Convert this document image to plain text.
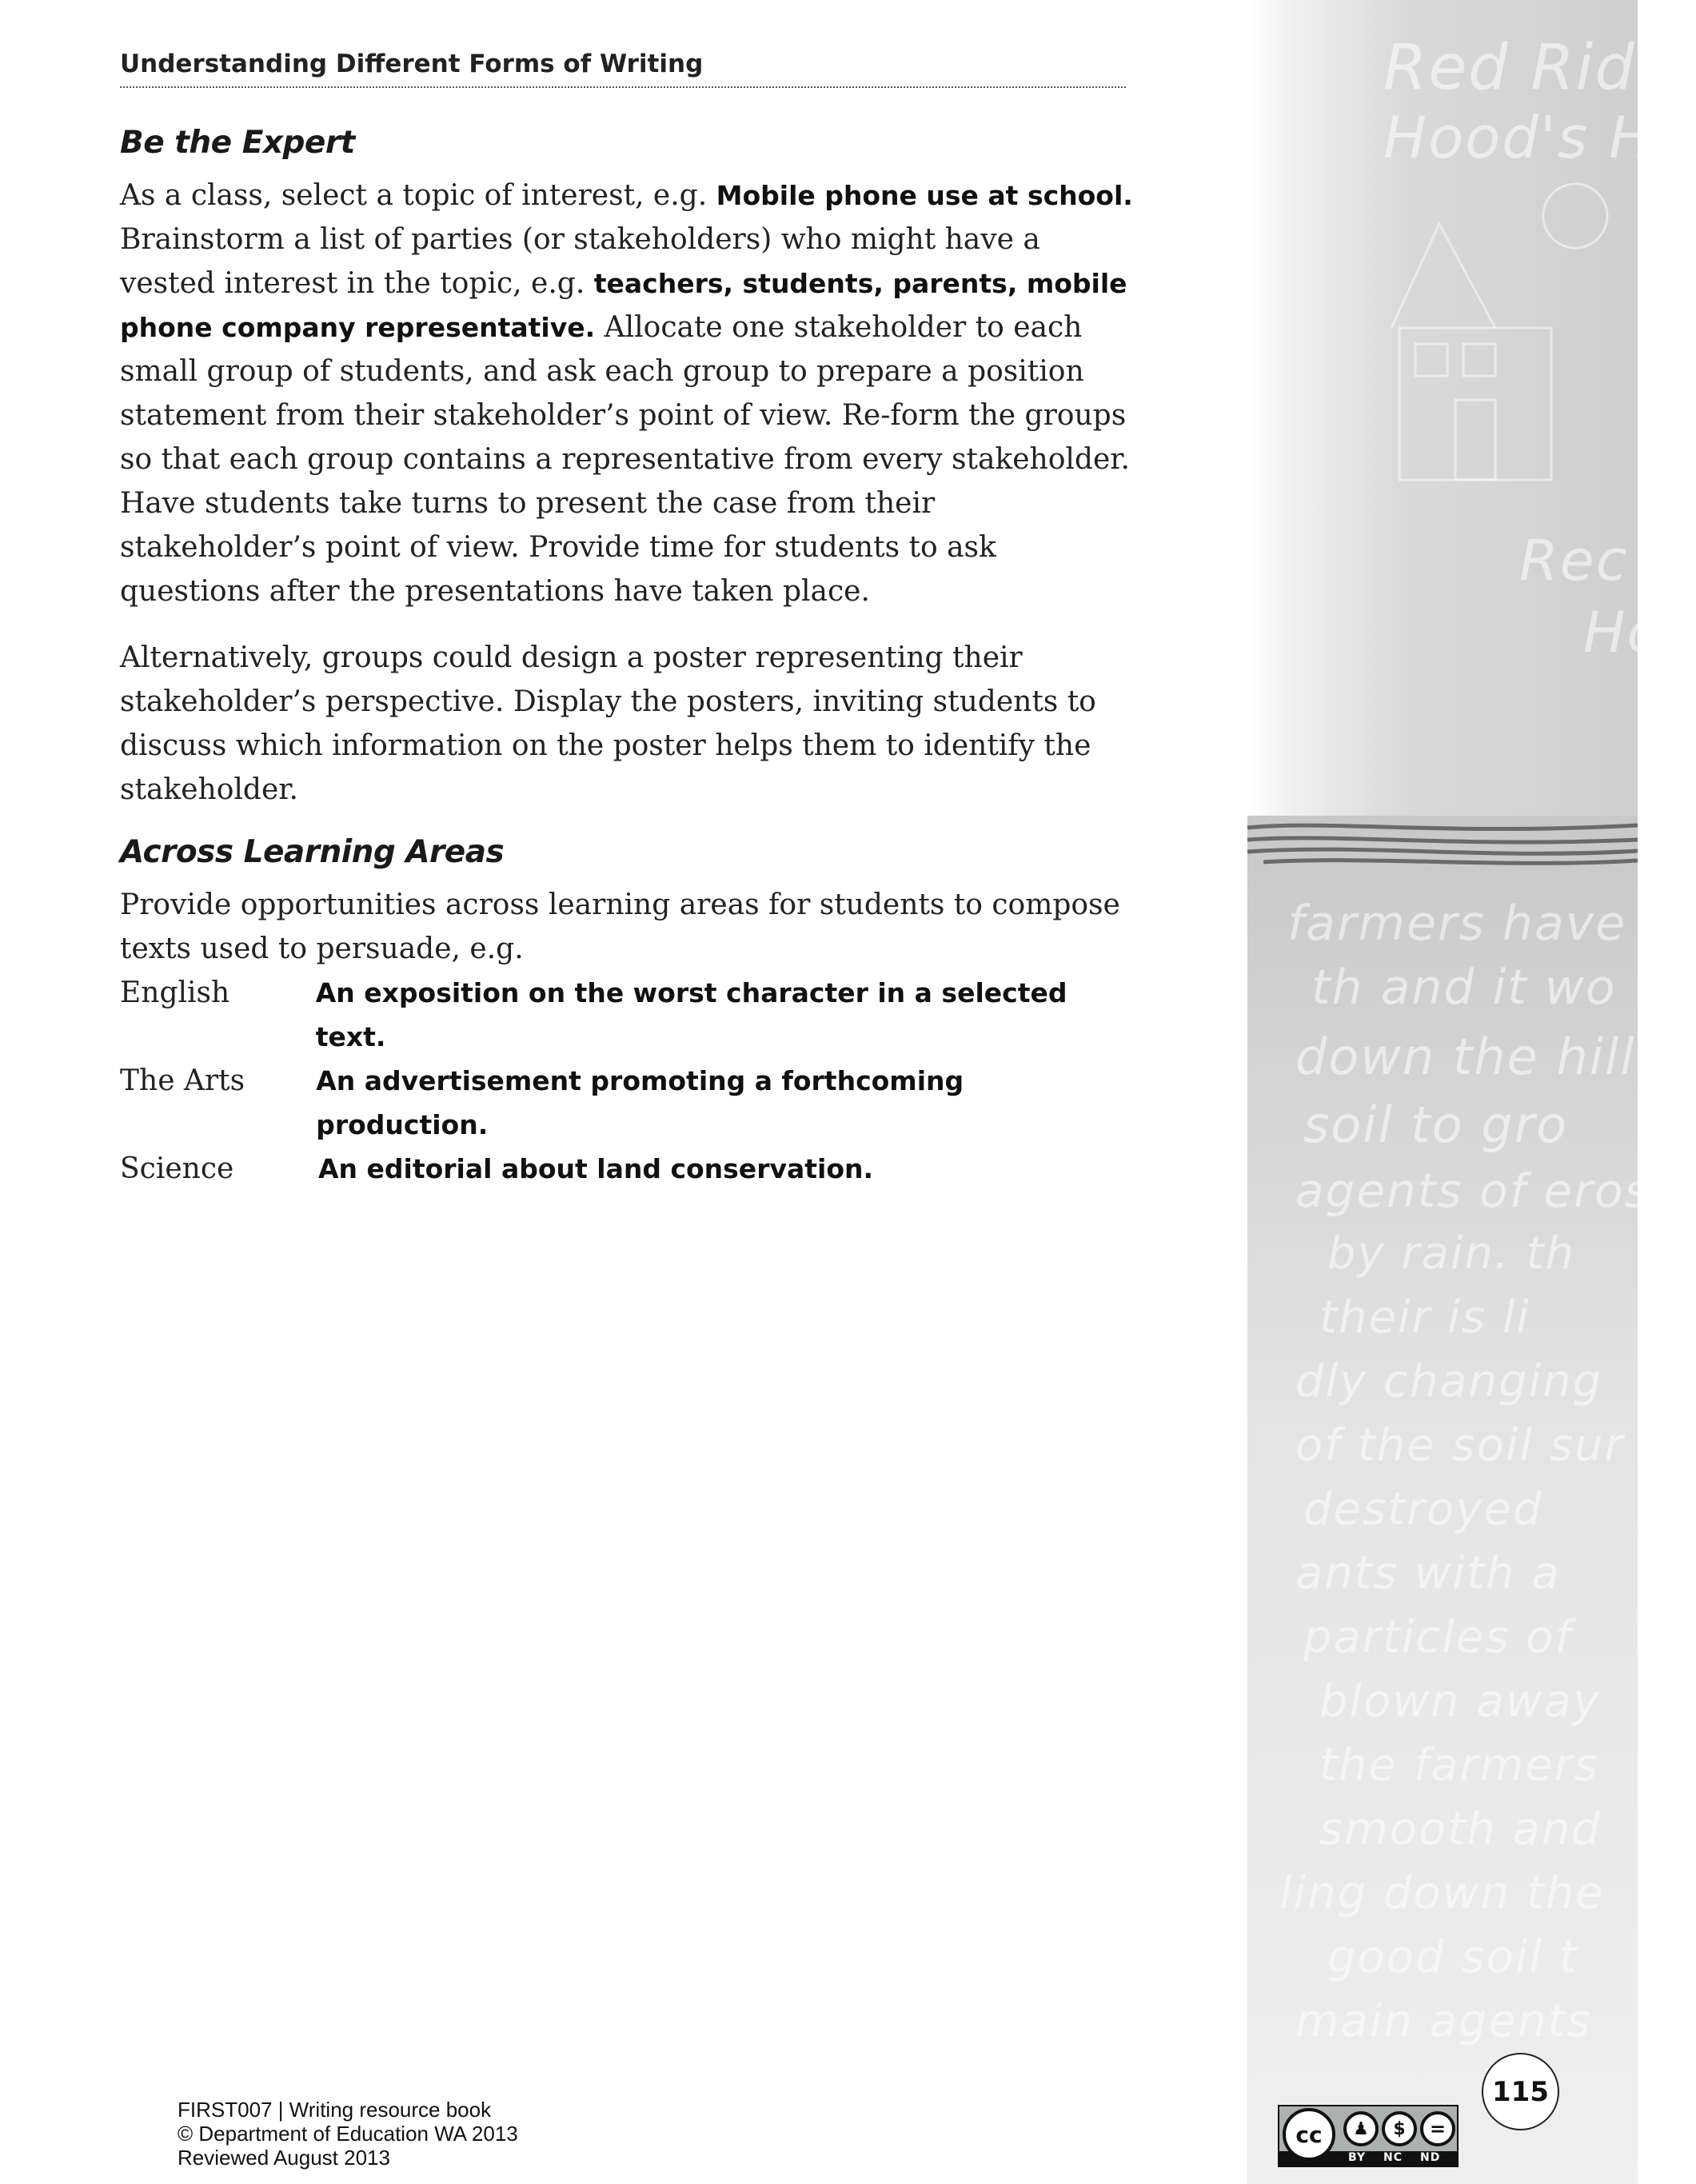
Red Ridin
Hood's Ho
Rec
Ho
farmers have g
th and it wo
down the hill
soil to gro
agents of eros
by rain. th
their is li
dly changing
of the soil sur
destroyed
ants with a
particles of
blown away
the farmers
smooth and
ling down the
good soil t
main agents
Understanding Different Forms of Writing
Be the Expert

As a class, select a topic of interest, e.g. Mobile phone use at school. Brainstorm a list of parties (or stakeholders) who might have a vested interest in the topic, e.g. teachers, students, parents, mobile phone company representative. Allocate one stakeholder to each small group of students, and ask each group to prepare a position statement from their stakeholder’s point of view. Re-form the groups so that each group contains a representative from every stakeholder. Have students take turns to present the case from their stakeholder’s point of view. Provide time for students to ask questions after the presentations have taken place.

Alternatively, groups could design a poster representing their stakeholder’s perspective. Display the posters, inviting students to discuss which information on the poster helps them to identify the stakeholder.

Across Learning Areas

Provide opportunities across learning areas for students to compose texts used to persuade, e.g.

English	An exposition on the worst character in a selected text.
The Arts	An advertisement promoting a forthcoming production.
Science	An editorial about land conservation.
FIRST007 | Writing resource book
© Department of Education WA 2013
Reviewed August 2013
115
cc	♟	$	=
BY NC ND
